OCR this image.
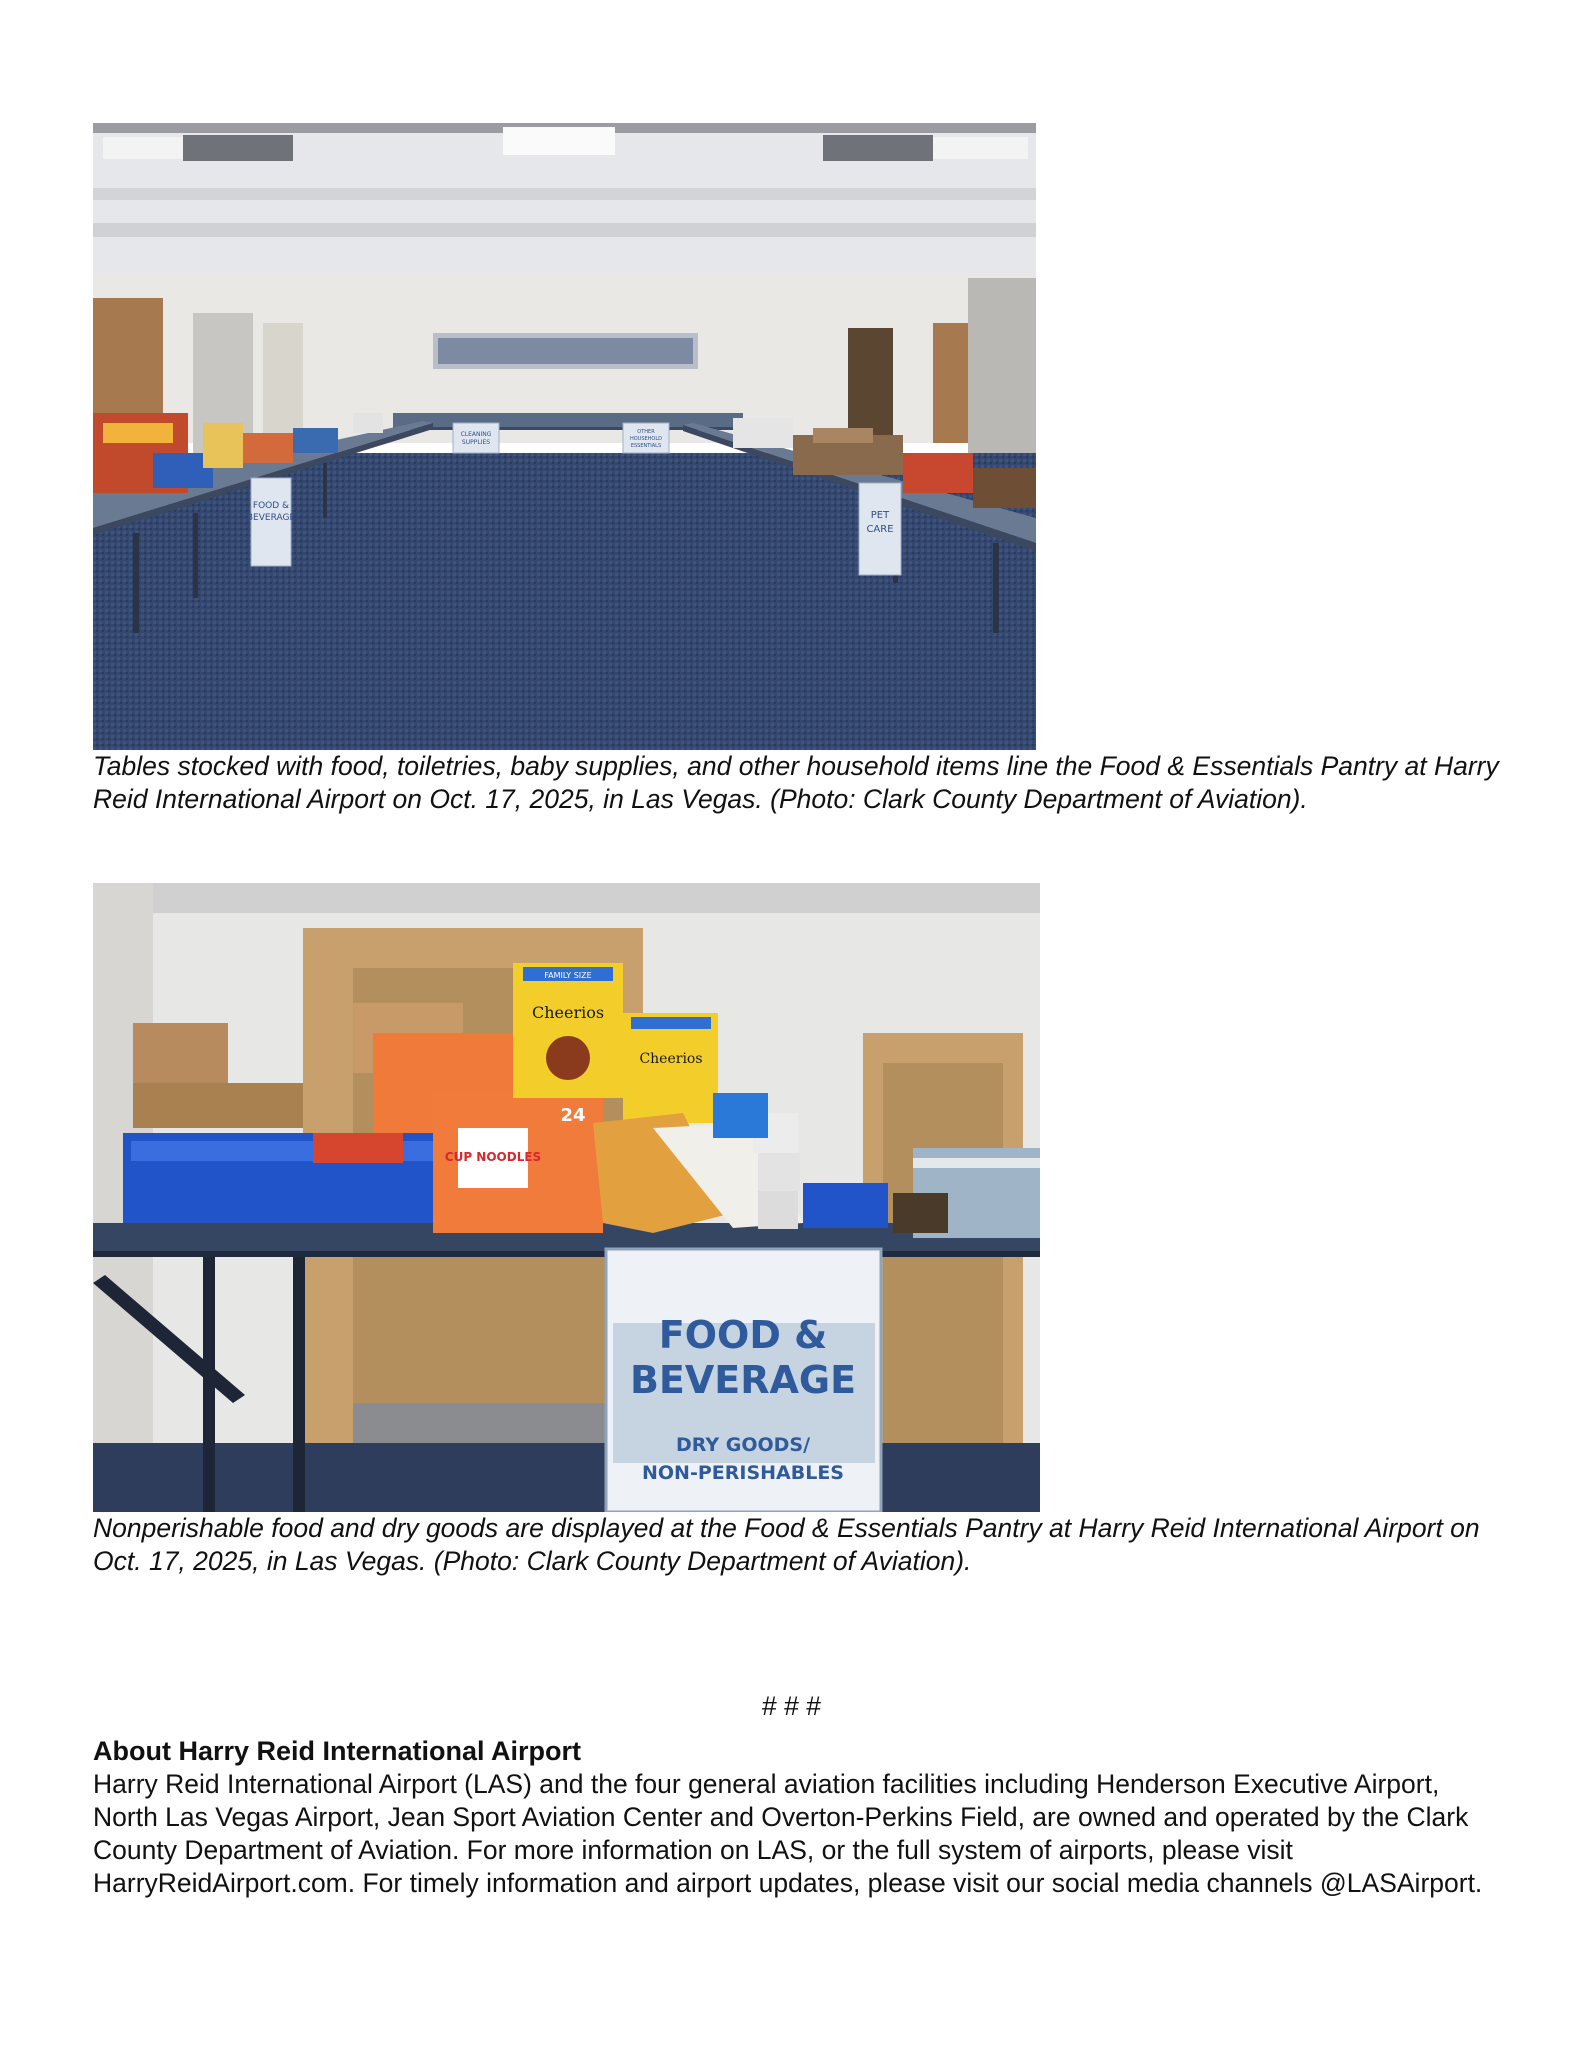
FOOD &
BEVERAGE
CLEANING
SUPPLIES
OTHER
HOUSEHOLD
ESSENTIALS
PET
CARE

Tables stocked with food, toiletries, baby supplies, and other household items line the Food & Essentials Pantry at Harry Reid International Airport on Oct. 17, 2025, in Las Vegas. (Photo: Clark County Department of Aviation).

CUP NOODLES
24
FAMILY SIZE
Cheerios
Cheerios
FOOD &
BEVERAGE
DRY GOODS/
NON-PERISHABLES

Nonperishable food and dry goods are displayed at the Food & Essentials Pantry at Harry Reid International Airport on Oct. 17, 2025, in Las Vegas. (Photo: Clark County Department of Aviation).

# # #

About Harry Reid International Airport

Harry Reid International Airport (LAS) and the four general aviation facilities including Henderson Executive Airport, North Las Vegas Airport, Jean Sport Aviation Center and Overton-Perkins Field, are owned and operated by the Clark County Department of Aviation. For more information on LAS, or the full system of airports, please visit HarryReidAirport.com. For timely information and airport updates, please visit our social media channels @LASAirport.
